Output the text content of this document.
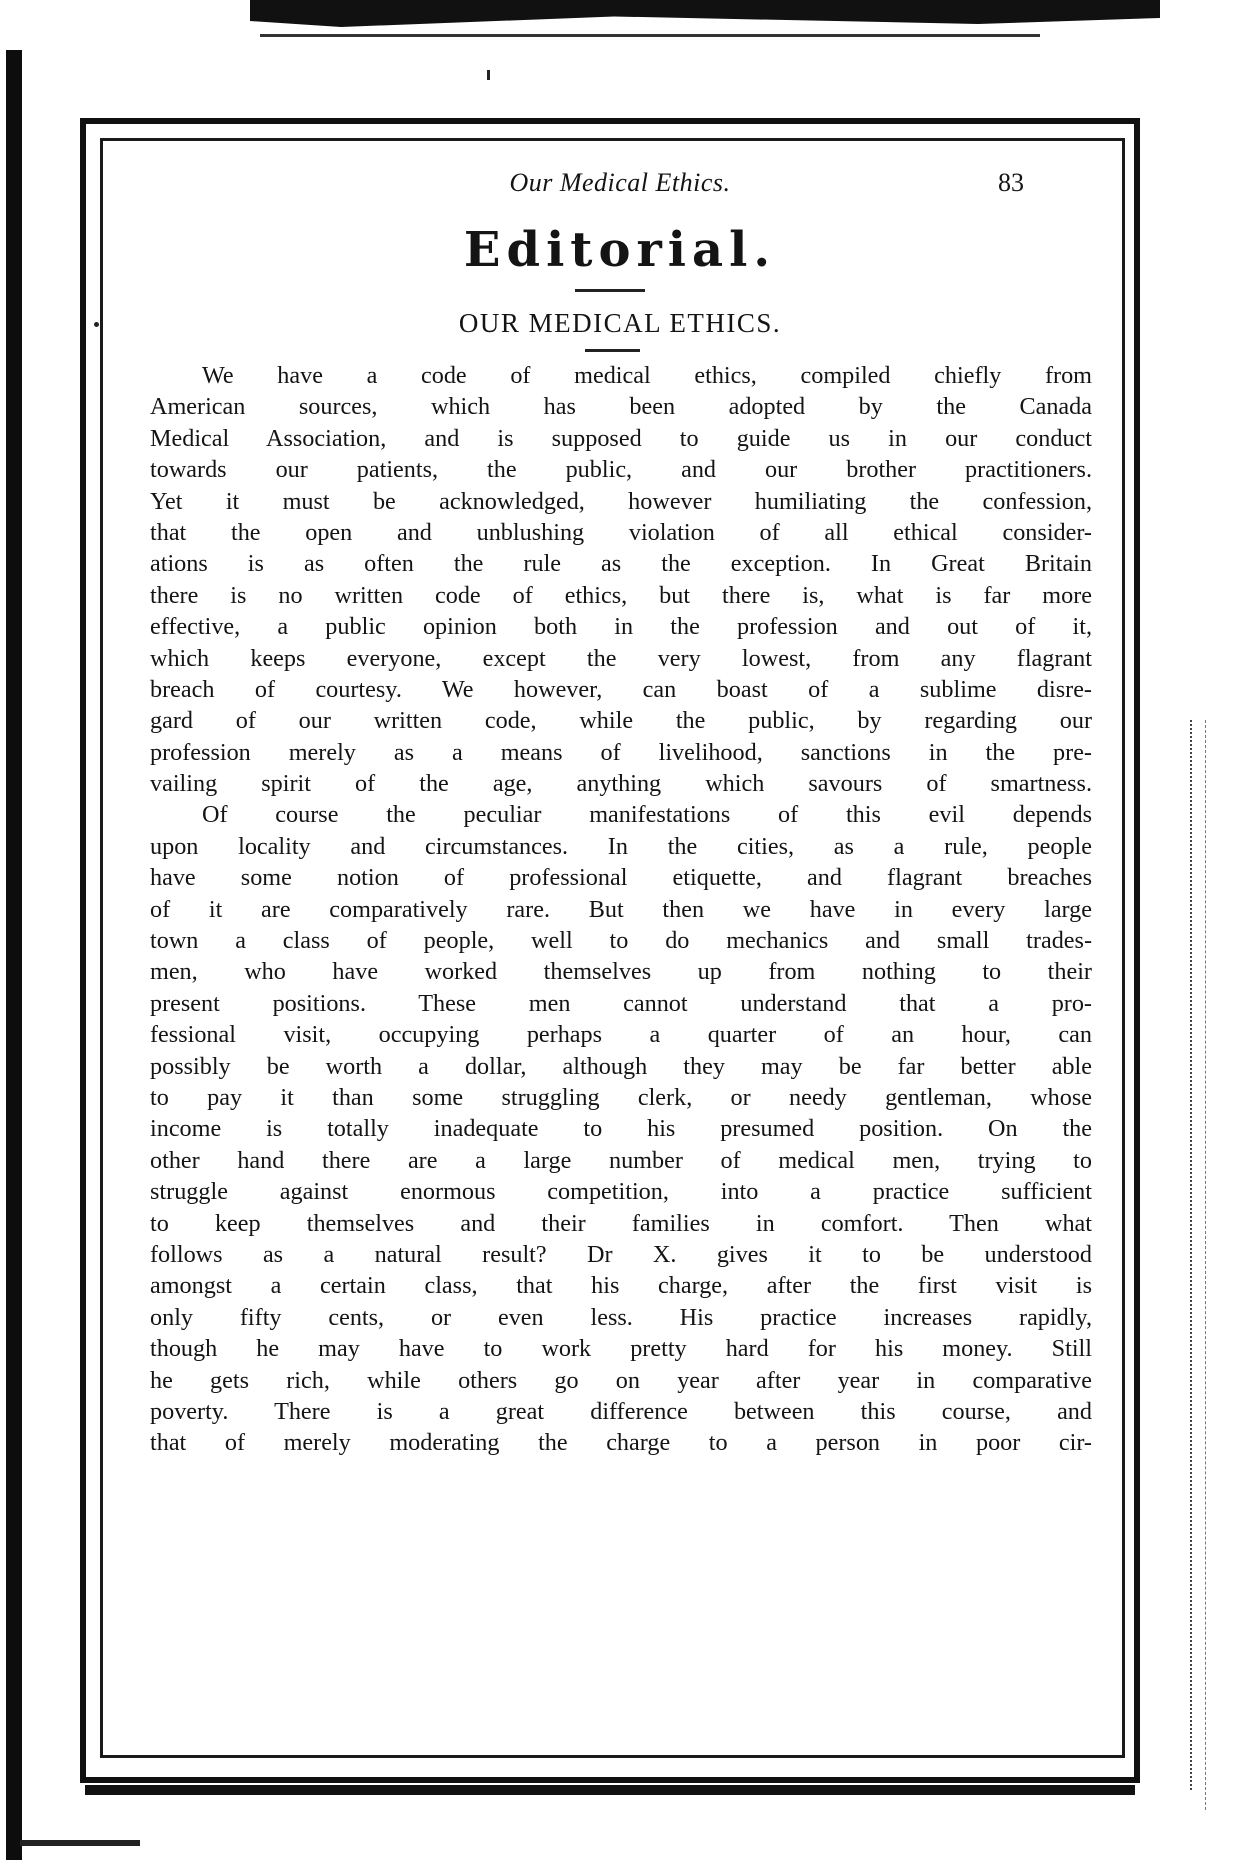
Our Medical Ethics.	83
Editorial.
OUR MEDICAL ETHICS.
We have a code of medical ethics, compiled chiefly from
American sources, which has been adopted by the Canada
Medical Association, and is supposed to guide us in our conduct
towards our patients, the public, and our brother practitioners.
Yet it must be acknowledged, however humiliating the confession,
that the open and unblushing violation of all ethical consider-
ations is as often the rule as the exception. In Great Britain
there is no written code of ethics, but there is, what is far more
effective, a public opinion both in the profession and out of it,
which keeps everyone, except the very lowest, from any flagrant
breach of courtesy. We however, can boast of a sublime disre-
gard of our written code, while the public, by regarding our
profession merely as a means of livelihood, sanctions in the pre-
vailing spirit of the age, anything which savours of smartness.
Of course the peculiar manifestations of this evil depends
upon locality and circumstances. In the cities, as a rule, people
have some notion of professional etiquette, and flagrant breaches
of it are comparatively rare. But then we have in every large
town a class of people, well to do mechanics and small trades-
men, who have worked themselves up from nothing to their
present positions. These men cannot understand that a pro-
fessional visit, occupying perhaps a quarter of an hour, can
possibly be worth a dollar, although they may be far better able
to pay it than some struggling clerk, or needy gentleman, whose
income is totally inadequate to his presumed position. On the
other hand there are a large number of medical men, trying to
struggle against enormous competition, into a practice sufficient
to keep themselves and their families in comfort. Then what
follows as a natural result? Dr X. gives it to be understood
amongst a certain class, that his charge, after the first visit is
only fifty cents, or even less. His practice increases rapidly,
though he may have to work pretty hard for his money. Still
he gets rich, while others go on year after year in comparative
poverty. There is a great difference between this course, and
that of merely moderating the charge to a person in poor cir-
